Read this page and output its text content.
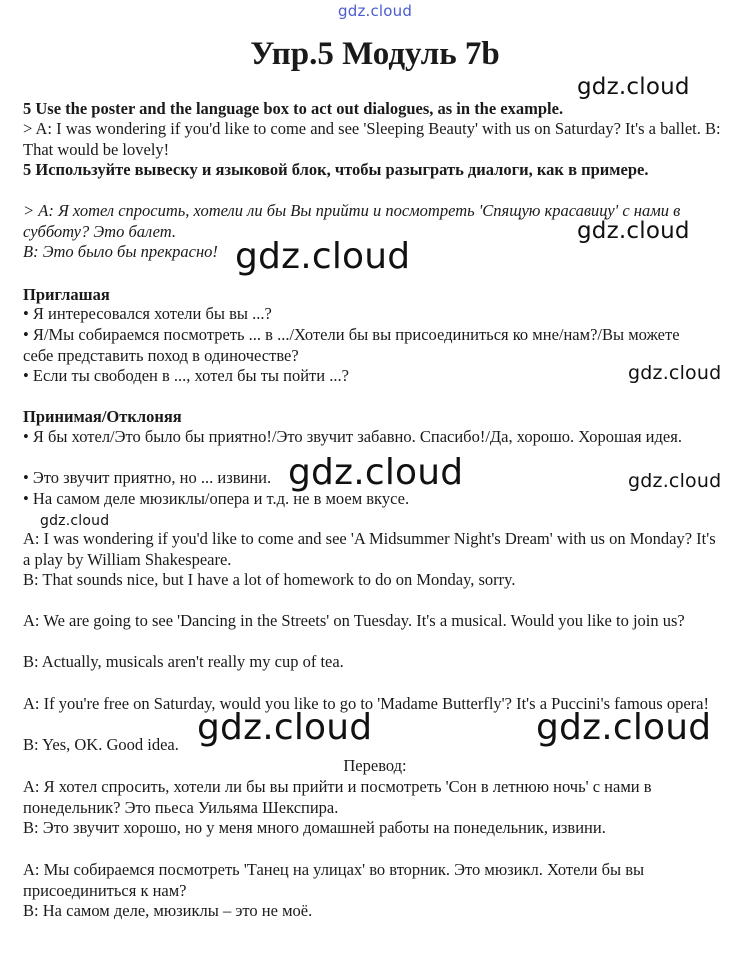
gdz.cloud
gdz.cloud
gdz.cloud
gdz.cloud
gdz.cloud
gdz.cloud	gdz.cloud
gdz.cloud
gdz.cloud	gdz.cloud
Упр.5 Модуль 7b

5 Use the poster and the language box to act out dialogues, as in the example.

> A: I was wondering if you'd like to come and see 'Sleeping Beauty' with us on Saturday? It's a ballet. B: That would be lovely!

5 Используйте вывеску и языковой блок, чтобы разыграть диалоги, как в примере.

> А: Я хотел спросить, хотели ли бы Вы прийти и посмотреть 'Спящую красавицу' с нами в субботу? Это балет.

В: Это было бы прекрасно!

Приглашая

• Я интересовался хотели бы вы ...?

• Я/Мы собираемся посмотреть ... в .../Хотели бы вы присоединиться ко мне/нам?/Вы можете себе представить поход в одиночестве?

• Если ты свободен в ..., хотел бы ты пойти ...?

Принимая/Отклоняя

• Я бы хотел/Это было бы приятно!/Это звучит забавно. Спасибо!/Да, хорошо. Хорошая идея.

• Это звучит приятно, но ... извини.

• На самом деле мюзиклы/опера и т.д. не в моем вкусе.

A: I was wondering if you'd like to come and see 'A Midsummer Night's Dream' with us on Monday? It's a play by William Shakespeare.

B: That sounds nice, but I have a lot of homework to do on Monday, sorry.

A: We are going to see 'Dancing in the Streets' on Tuesday. It's a musical. Would you like to join us?

B: Actually, musicals aren't really my cup of tea.

A: If you're free on Saturday, would you like to go to 'Madame Butterfly'? It's a Puccini's famous opera!

B: Yes, OK. Good idea.

Перевод:

А: Я хотел спросить, хотели ли бы вы прийти и посмотреть 'Сон в летнюю ночь' с нами в понедельник? Это пьеса Уильяма Шекспира.

В: Это звучит хорошо, но у меня много домашней работы на понедельник, извини.

А: Мы собираемся посмотреть 'Танец на улицах' во вторник. Это мюзикл. Хотели бы вы присоединиться к нам?

В: На самом деле, мюзиклы – это не моё.
